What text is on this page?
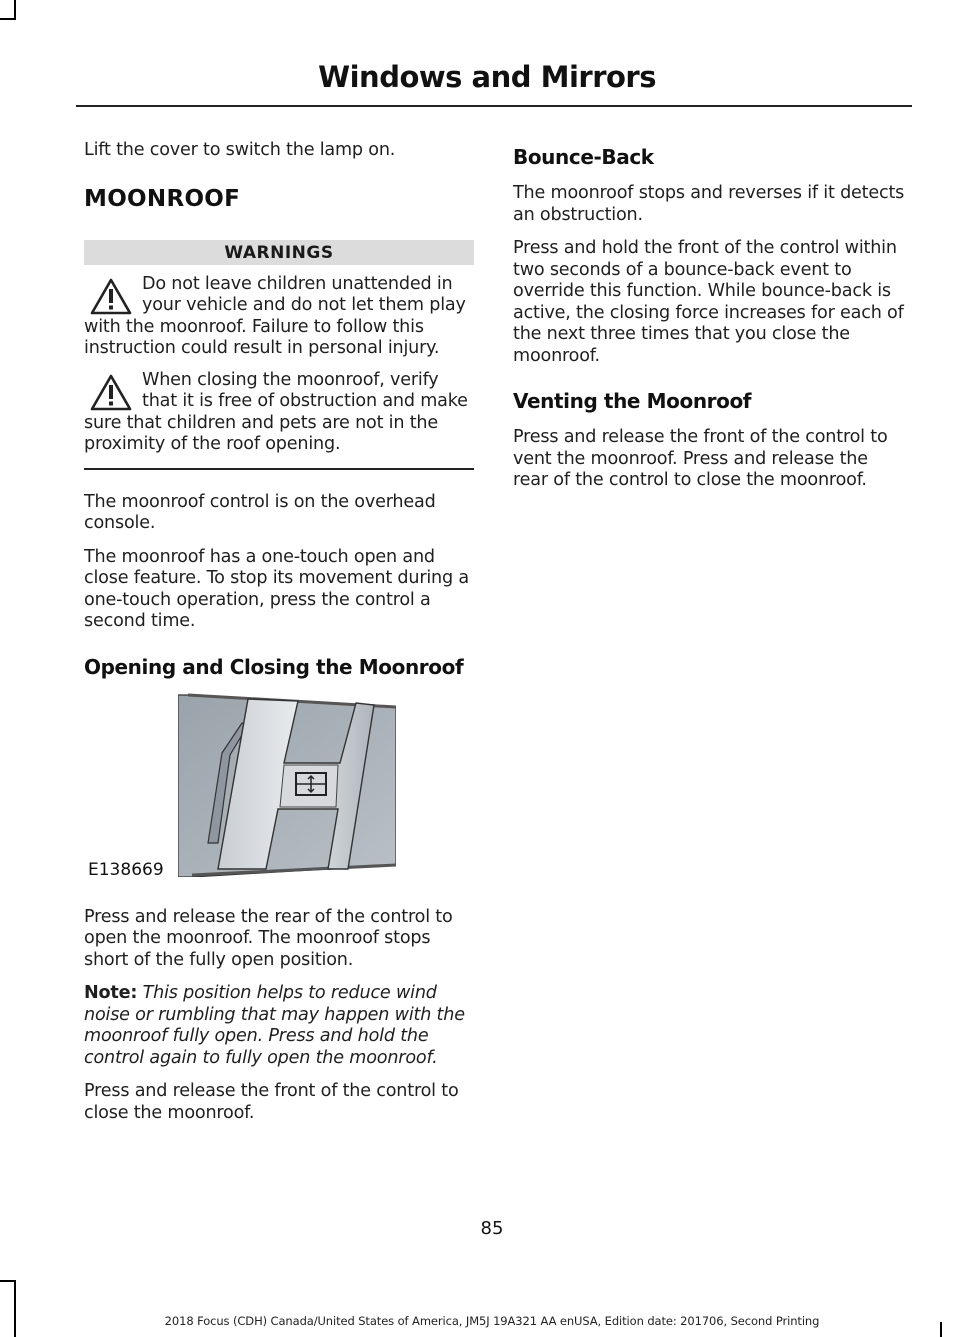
Windows and Mirrors

Lift the cover to switch the lamp on.

MOONROOF
WARNINGS

Do not leave children unattended in your vehicle and do not let them play with the moonroof. Failure to follow this instruction could result in personal injury.

When closing the moonroof, verify that it is free of obstruction and make sure that children and pets are not in the proximity of the roof opening.

The moonroof control is on the overhead console.

The moonroof has a one-touch open and close feature. To stop its movement during a one-touch operation, press the control a second time.

Opening and Closing the Moonroof
E138669

Press and release the rear of the control to open the moonroof. The moonroof stops short of the fully open position.

Note: This position helps to reduce wind noise or rumbling that may happen with the moonroof fully open. Press and hold the control again to fully open the moonroof.

Press and release the front of the control to close the moonroof.

Bounce-Back

The moonroof stops and reverses if it detects an obstruction.

Press and hold the front of the control within two seconds of a bounce-back event to override this function. While bounce-back is active, the closing force increases for each of the next three times that you close the moonroof.

Venting the Moonroof

Press and release the front of the control to vent the moonroof. Press and release the rear of the control to close the moonroof.

85
2018 Focus (CDH) Canada/United States of America, JM5J 19A321 AA enUSA, Edition date: 201706, Second Printing
